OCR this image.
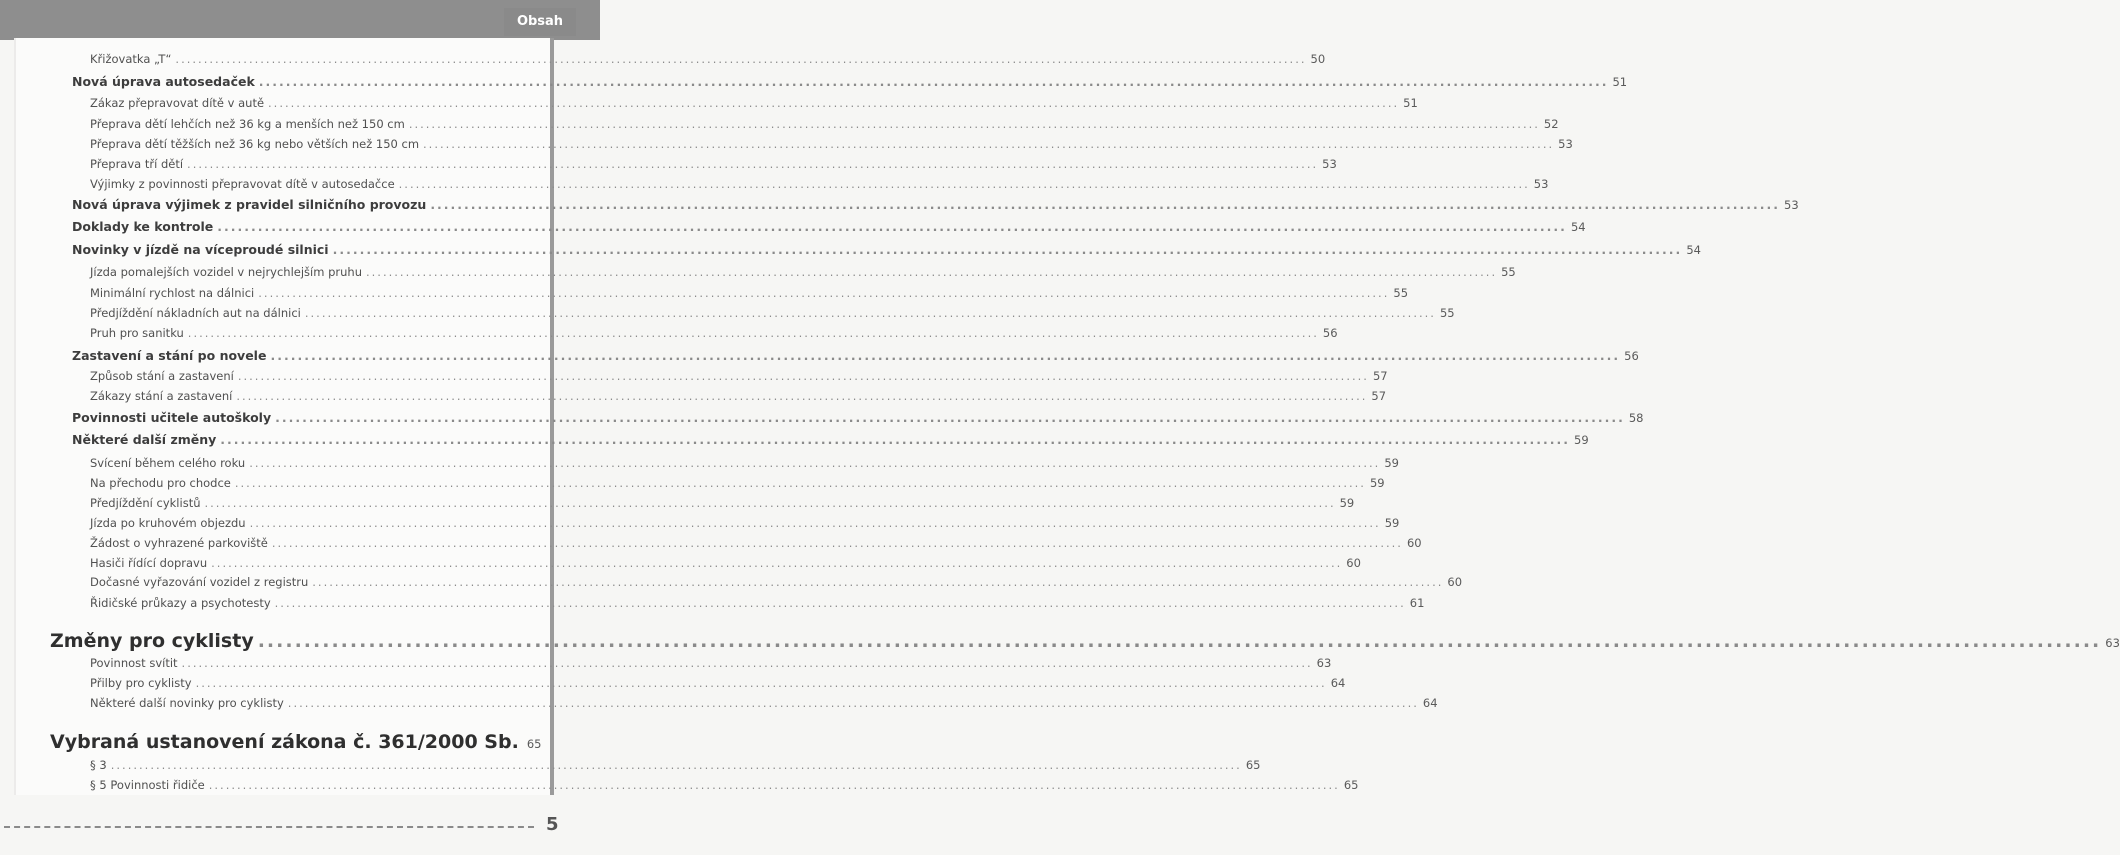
Obsah
Křižovatka „T“ ........................................................................................................................................................................................................ 50
Nová úprava autosedaček ........................................................................................................................................................................................................ 51
Zákaz přepravovat dítě v autě ........................................................................................................................................................................................................ 51
Přeprava dětí lehčích než 36 kg a menších než 150 cm ........................................................................................................................................................................................................ 52
Přeprava dětí těžších než 36 kg nebo větších než 150 cm ........................................................................................................................................................................................................ 53
Přeprava tří dětí ........................................................................................................................................................................................................ 53
Výjimky z povinnosti přepravovat dítě v autosedačce ........................................................................................................................................................................................................ 53
Nová úprava výjimek z pravidel silničního provozu ........................................................................................................................................................................................................ 53
Doklady ke kontrole ........................................................................................................................................................................................................ 54
Novinky v jízdě na víceproudé silnici ........................................................................................................................................................................................................ 54
Jízda pomalejších vozidel v nejrychlejším pruhu ........................................................................................................................................................................................................ 55
Minimální rychlost na dálnici ........................................................................................................................................................................................................ 55
Předjíždění nákladních aut na dálnici ........................................................................................................................................................................................................ 55
Pruh pro sanitku ........................................................................................................................................................................................................ 56
Zastavení a stání po novele ........................................................................................................................................................................................................ 56
Způsob stání a zastavení ........................................................................................................................................................................................................ 57
Zákazy stání a zastavení ........................................................................................................................................................................................................ 57
Povinnosti učitele autoškoly ........................................................................................................................................................................................................ 58
Některé další změny ........................................................................................................................................................................................................ 59
Svícení během celého roku ........................................................................................................................................................................................................ 59
Na přechodu pro chodce ........................................................................................................................................................................................................ 59
Předjíždění cyklistů ........................................................................................................................................................................................................ 59
Jízda po kruhovém objezdu ........................................................................................................................................................................................................ 59
Žádost o vyhrazené parkoviště ........................................................................................................................................................................................................ 60
Hasiči řídící dopravu ........................................................................................................................................................................................................ 60
Dočasné vyřazování vozidel z registru ........................................................................................................................................................................................................ 60
Řidičské průkazy a psychotesty ........................................................................................................................................................................................................ 61
Změny pro cyklisty ........................................................................................................................................................................................................ 63
Povinnost svítit ........................................................................................................................................................................................................ 63
Přilby pro cyklisty ........................................................................................................................................................................................................ 64
Některé další novinky pro cyklisty ........................................................................................................................................................................................................ 64
Vybraná ustanovení zákona č. 361/2000 Sb. 65
§ 3 ........................................................................................................................................................................................................ 65
§ 5 Povinnosti řidiče ........................................................................................................................................................................................................ 65
5
